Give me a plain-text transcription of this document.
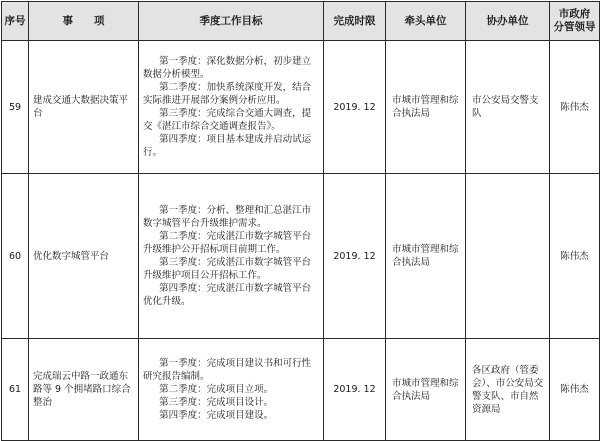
序号	事　　项	季度工作目标	完成时限	牵头单位	协办单位	市政府
分管领导
59	建成交通大数据决策平台	第一季度：深化数据分析，初步建立数据分析模型。
第二季度：加快系统深度开发，结合实际推进开展部分案例分析应用。
第三季度：完成综合交通大调查，提交《湛江市综合交通调查报告》。
第四季度：项目基本建成并启动试运行。	2019. 12	市城市管理和综合执法局	市公安局交警支队	陈伟杰
60	优化数字城管平台	第一季度：分析、整理和汇总湛江市数字城管平台升级维护需求。
第二季度：完成湛江市数字城管平台升级维护公开招标项目前期工作。
第三季度：完成湛江市数字城管平台升级维护项目公开招标工作。
第四季度：完成湛江市数字城管平台优化升级。	2019. 12	市城市管理和综合执法局		陈伟杰
61	完成瑞云中路一政通东路等 9 个拥堵路口综合整治	第一季度：完成项目建议书和可行性研究报告编制。
第二季度：完成项目立项。
第三季度：完成项目设计。
第四季度：完成项目建设。	2019. 12	市城市管理和综合执法局	各区政府（管委会）、市公安局交警支队、市自然资源局	陈伟杰
